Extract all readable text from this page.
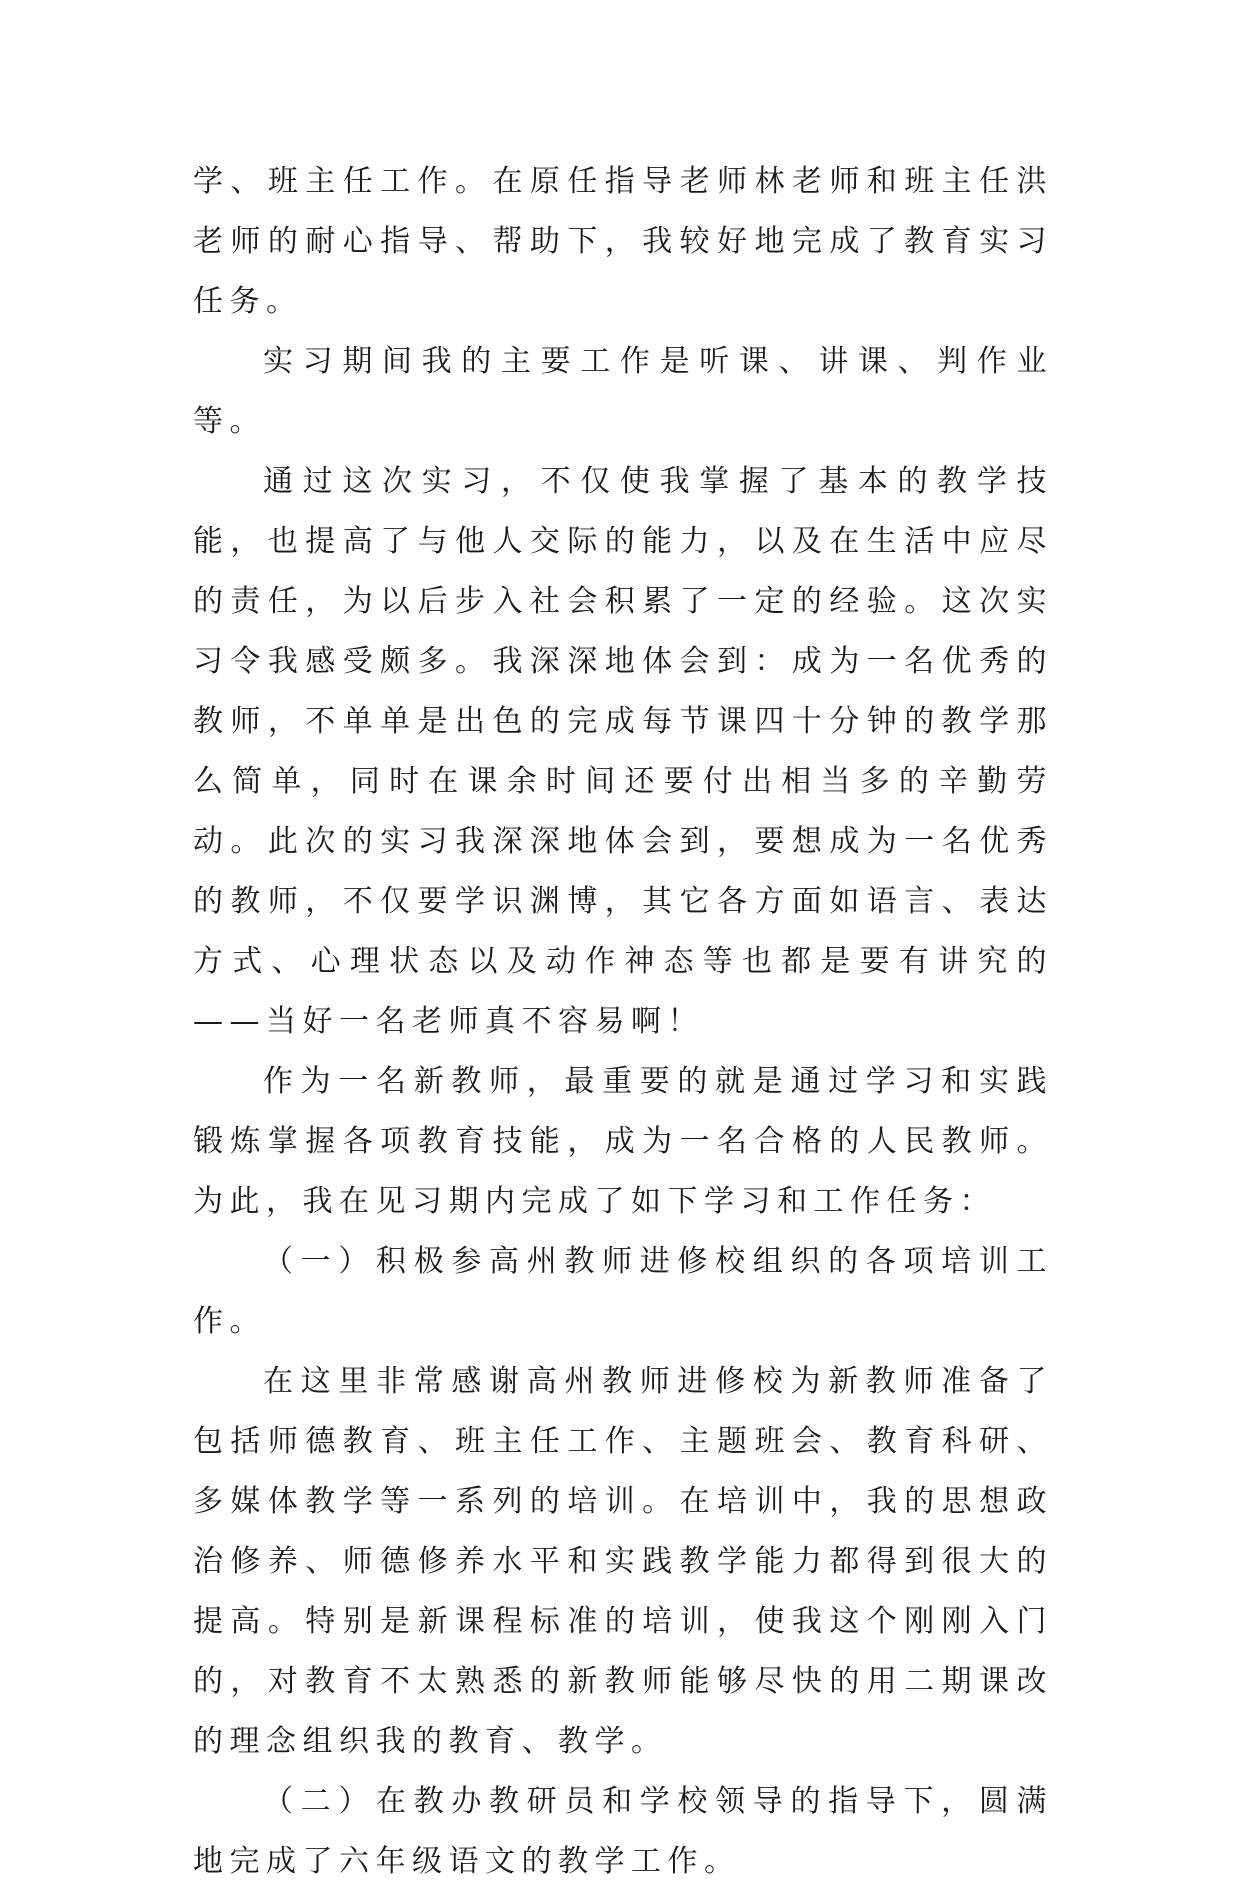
学、班主任工作。在原任指导老师林老师和班主任洪老师的耐心指导、帮助下，我较好地完成了教育实习任务。

实习期间我的主要工作是听课、讲课、判作业等。

通过这次实习，不仅使我掌握了基本的教学技能，也提高了与他人交际的能力，以及在生活中应尽的责任，为以后步入社会积累了一定的经验。这次实习令我感受颇多。我深深地体会到：成为一名优秀的教师，不单单是出色的完成每节课四十分钟的教学那么简单，同时在课余时间还要付出相当多的辛勤劳动。此次的实习我深深地体会到，要想成为一名优秀的教师，不仅要学识渊博，其它各方面如语言、表达方式、心理状态以及动作神态等也都是要有讲究的——当好一名老师真不容易啊！

作为一名新教师，最重要的就是通过学习和实践锻炼掌握各项教育技能，成为一名合格的人民教师。为此，我在见习期内完成了如下学习和工作任务：

（一）积极参高州教师进修校组织的各项培训工作。

在这里非常感谢高州教师进修校为新教师准备了包括师德教育、班主任工作、主题班会、教育科研、多媒体教学等一系列的培训。在培训中，我的思想政治修养、师德修养水平和实践教学能力都得到很大的提高。特别是新课程标准的培训，使我这个刚刚入门的，对教育不太熟悉的新教师能够尽快的用二期课改的理念组织我的教育、教学。

（二）在教办教研员和学校领导的指导下，圆满地完成了六年级语文的教学工作。
